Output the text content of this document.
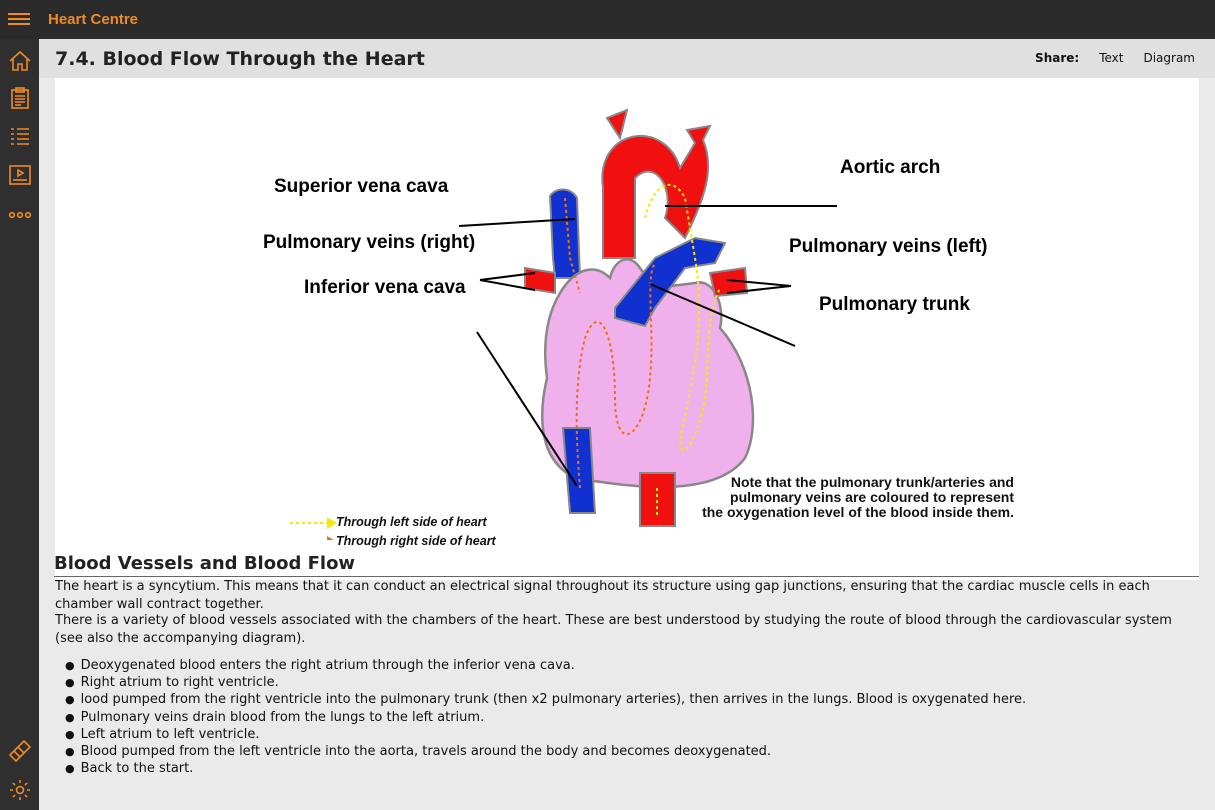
Heart Centre
7.4. Blood Flow Through the Heart	Share: Text Diagram
Superior vena cava
Aortic arch
Pulmonary veins (right)	Pulmonary veins (left)
Inferior vena cava
Pulmonary trunk
Through left side of heart
Through right side of heart
Note that the pulmonary trunk/arteries and
pulmonary veins are coloured to represent
the oxygenation level of the blood inside them.
Blood Vessels and Blood Flow
The heart is a syncytium. This means that it can conduct an electrical signal throughout its structure using gap junctions, ensuring that the cardiac muscle cells in each chamber wall contract together.
There is a variety of blood vessels associated with the chambers of the heart. These are best understood by studying the route of blood through the cardiovascular system (see also the accompanying diagram).
● Deoxygenated blood enters the right atrium through the inferior vena cava.
● Right atrium to right ventricle.
● lood pumped from the right ventricle into the pulmonary trunk (then x2 pulmonary arteries), then arrives in the lungs. Blood is oxygenated here.
● Pulmonary veins drain blood from the lungs to the left atrium.
● Left atrium to left ventricle.
● Blood pumped from the left ventricle into the aorta, travels around the body and becomes deoxygenated.
● Back to the start.
